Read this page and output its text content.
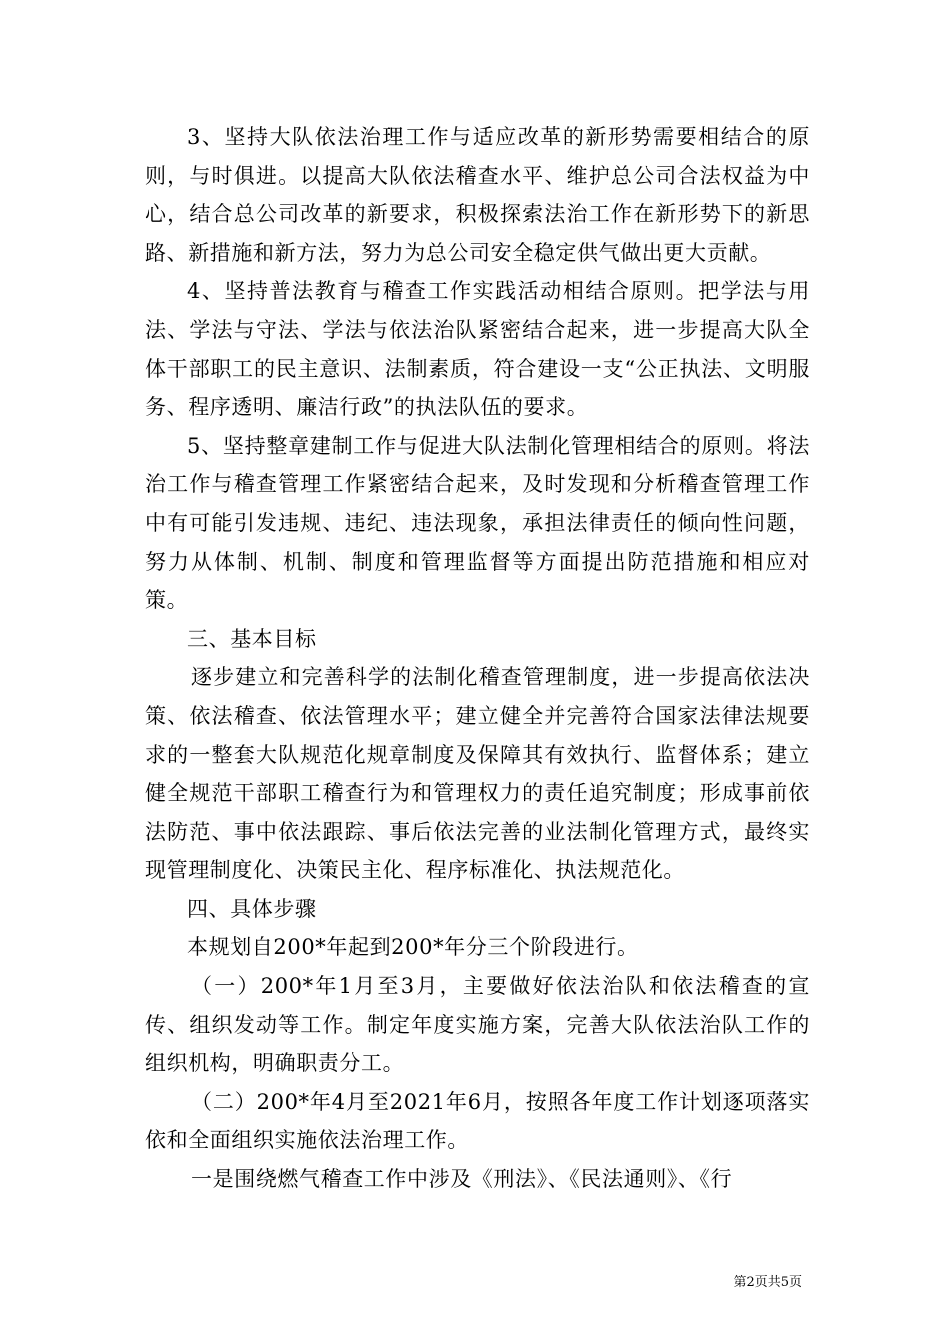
3、坚持大队依法治理工作与适应改革的新形势需要相结合的原则，与时俱进。以提高大队依法稽查水平、维护总公司合法权益为中心，结合总公司改革的新要求，积极探索法治工作在新形势下的新思路、新措施和新方法，努力为总公司安全稳定供气做出更大贡献。

4、坚持普法教育与稽查工作实践活动相结合原则。把学法与用法、学法与守法、学法与依法治队紧密结合起来，进一步提高大队全体干部职工的民主意识、法制素质，符合建设一支“公正执法、文明服务、程序透明、廉洁行政”的执法队伍的要求。

5、坚持整章建制工作与促进大队法制化管理相结合的原则。将法治工作与稽查管理工作紧密结合起来，及时发现和分析稽查管理工作中有可能引发违规、违纪、违法现象，承担法律责任的倾向性问题，努力从体制、机制、制度和管理监督等方面提出防范措施和相应对策。

三、基本目标

逐步建立和完善科学的法制化稽查管理制度，进一步提高依法决策、依法稽查、依法管理水平；建立健全并完善符合国家法律法规要求的一整套大队规范化规章制度及保障其有效执行、监督体系；建立健全规范干部职工稽查行为和管理权力的责任追究制度；形成事前依法防范、事中依法跟踪、事后依法完善的业法制化管理方式，最终实现管理制度化、决策民主化、程序标准化、执法规范化。

四、具体步骤

本规划自200*年起到200*年分三个阶段进行。

（一）200*年1月至3月，主要做好依法治队和依法稽查的宣传、组织发动等工作。制定年度实施方案，完善大队依法治队工作的组织机构，明确职责分工。

（二）200*年4月至2021年6月，按照各年度工作计划逐项落实依和全面组织实施依法治理工作。

一是围绕燃气稽查工作中涉及《刑法》、《民法通则》、《行

第2页共5页
